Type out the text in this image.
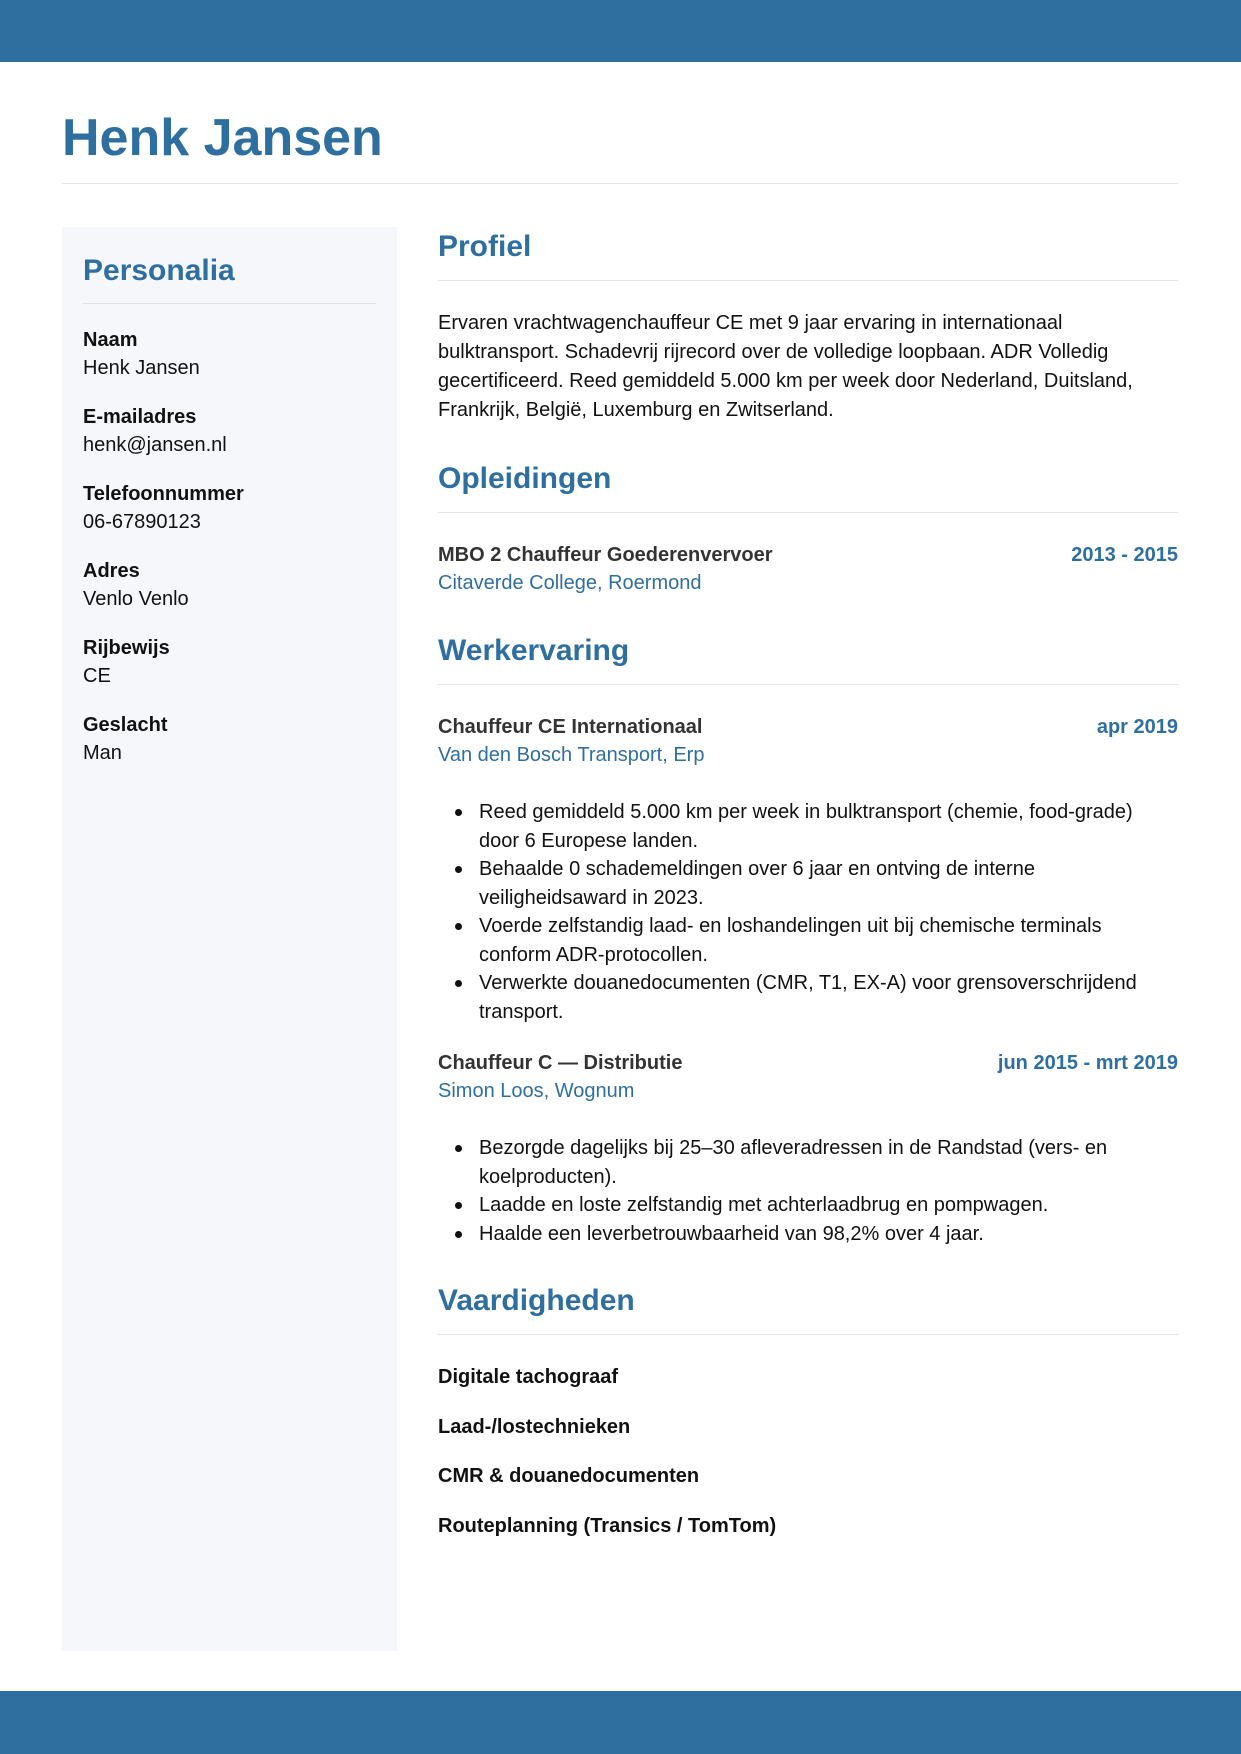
Henk Jansen
Personalia
Naam
Henk Jansen
E-mailadres
henk@jansen.nl
Telefoonnummer
06-67890123
Adres
Venlo Venlo
Rijbewijs
CE
Geslacht
Man
Profiel

Ervaren vrachtwagenchauffeur CE met 9 jaar ervaring in internationaal bulktransport. Schadevrij rijrecord over de volledige loopbaan. ADR Volledig gecertificeerd. Reed gemiddeld 5.000 km per week door Nederland, Duitsland, Frankrijk, België, Luxemburg en Zwitserland.

Opleidingen
MBO 2 Chauffeur Goederenvervoer	2013 - 2015
Citaverde College, Roermond
Werkervaring
Chauffeur CE Internationaal	apr 2019
Van den Bosch Transport, Erp
Reed gemiddeld 5.000 km per week in bulktransport (chemie, food-grade) door 6 Europese landen.
Behaalde 0 schademeldingen over 6 jaar en ontving de interne veiligheidsaward in 2023.
Voerde zelfstandig laad- en loshandelingen uit bij chemische terminals conform ADR-protocollen.
Verwerkte douanedocumenten (CMR, T1, EX-A) voor grensoverschrijdend transport.
Chauffeur C — Distributie	jun 2015 - mrt 2019
Simon Loos, Wognum
Bezorgde dagelijks bij 25–30 afleveradressen in de Randstad (vers- en koelproducten).
Laadde en loste zelfstandig met achterlaadbrug en pompwagen.
Haalde een leverbetrouwbaarheid van 98,2% over 4 jaar.
Vaardigheden
Digitale tachograaf
Laad-/lostechnieken
CMR & douanedocumenten
Routeplanning (Transics / TomTom)
